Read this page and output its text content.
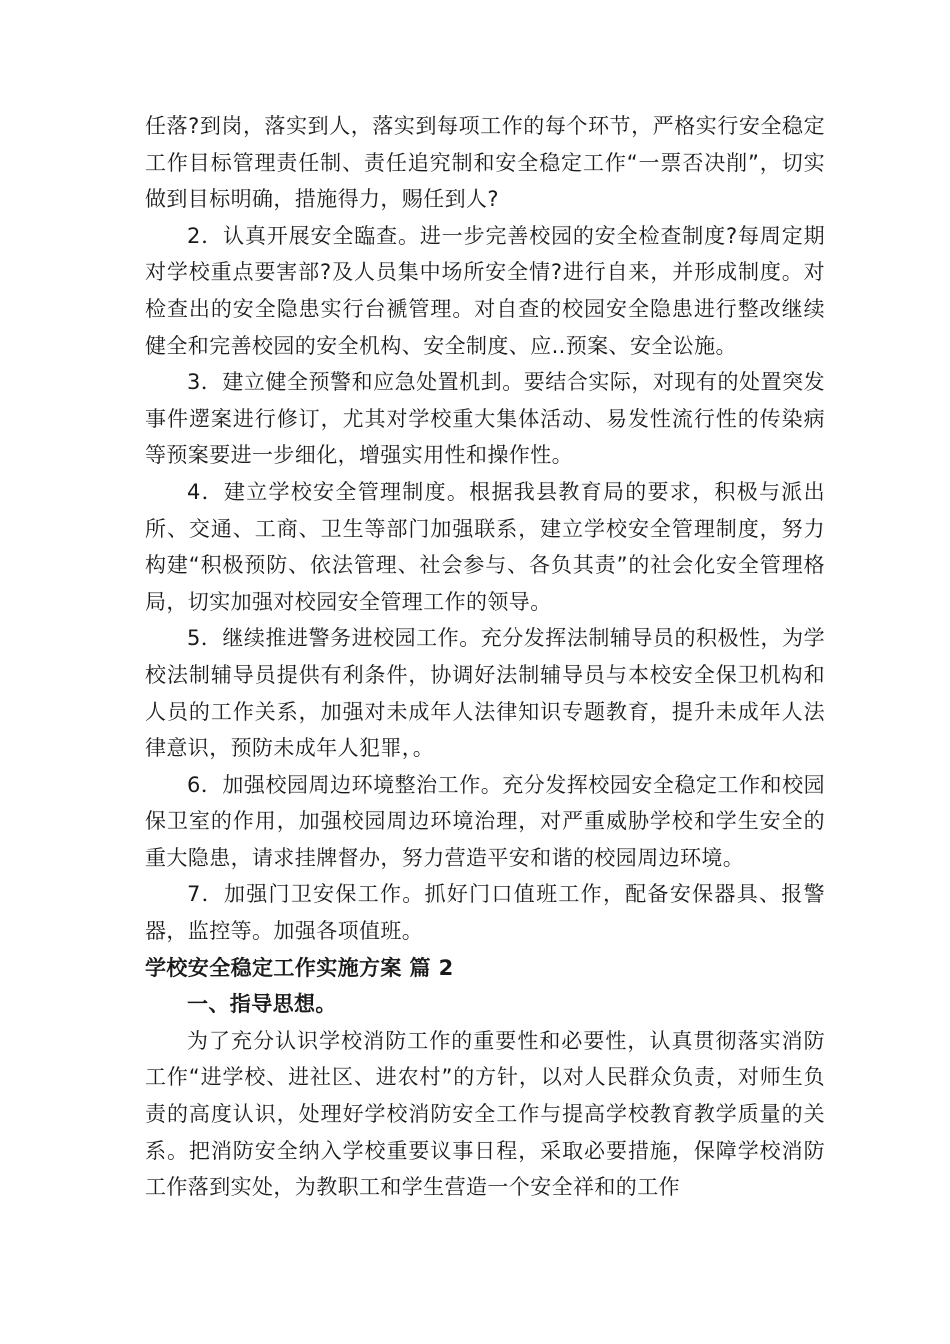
任落?到岗，落实到人，落实到每项工作的每个环节，严格实行安全稳定工作目标管理责任制、责任追究制和安全稳定工作“一票否决削”，切实做到目标明确，措施得力，赐任到人?

2．认真开展安全臨查。进一步完善校园的安全检查制度?每周定期对学校重点要害部?及人员集中场所安全情?进行自来，并形成制度。对检查出的安全隐患实行台褫管理。对自查的校园安全隐患进行整改继续健全和完善校园的安全机构、安全制度、应..预案、安全讼施。

3．建立健全预警和应急处置机刲。要结合实际，对现有的处置突发事件遻案进行修订，尤其对学校重大集体活动、易发性流行性的传染病等预案要进一步细化，增强实用性和操作性。

4．建立学校安全管理制度。根据我县教育局的要求，积极与派出所、交通、工商、卫生等部门加强联系，建立学校安全管理制度，努力构建“积极预防、依法管理、社会参与、各负其责”的社会化安全管理格局，切实加强对校园安全管理工作的领导。

5．继续推进警务进校园工作。充分发挥法制辅导员的积极性，为学校法制辅导员提供有利条件，协调好法制辅导员与本校安全保卫机构和人员的工作关系，加强对未成年人法律知识专题教育，提升未成年人法律意识，预防未成年人犯罪，。

6．加强校园周边环境整治工作。充分发挥校园安全稳定工作和校园保卫室的作用，加强校园周边环境治理，对严重威胁学校和学生安全的重大隐患，请求挂牌督办，努力营造平安和谐的校园周边环境。

7．加强门卫安保工作。抓好门口值班工作，配备安保器具、报警器，监控等。加强各项值班。

学校安全稳定工作实施方案 篇 2

一、指导思想。

为了充分认识学校消防工作的重要性和必要性，认真贯彻落实消防工作“进学校、进社区、进农村”的方针，以对人民群众负责，对师生负责的高度认识，处理好学校消防安全工作与提高学校教育教学质量的关系。把消防安全纳入学校重要议事日程，采取必要措施，保障学校消防工作落到实处，为教职工和学生营造一个安全祥和的工作
